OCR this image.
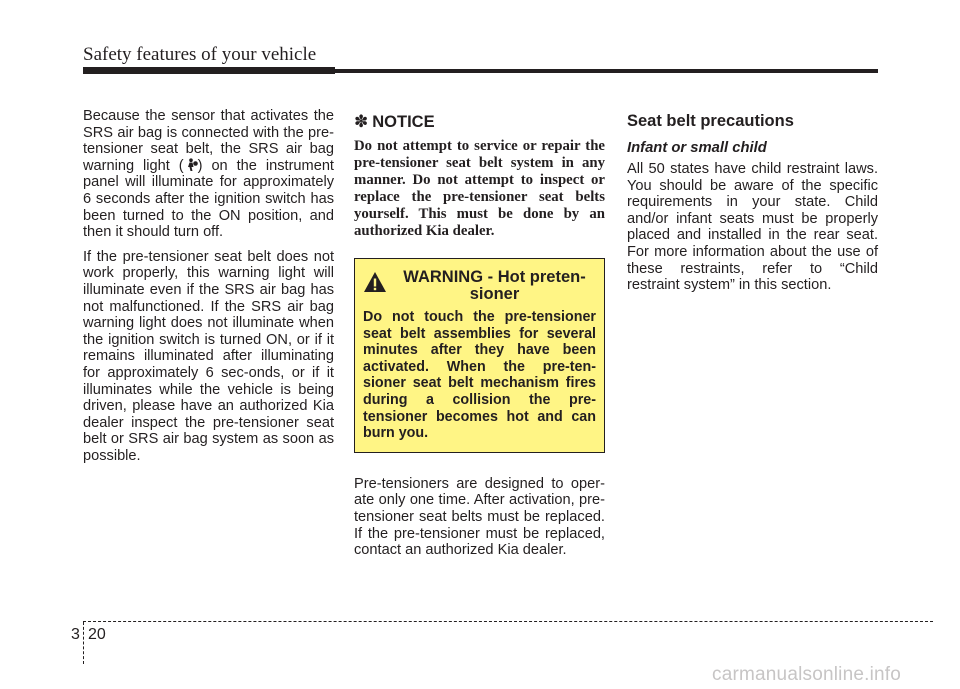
Safety features of your vehicle

Because the sensor that activates the SRS air bag is connected with the pre-tensioner seat belt, the SRS air bag warning light ( ) on the instrument panel will illuminate for approximately 6 seconds after the ignition switch has been turned to the ON position, and then it should turn off.

If the pre-tensioner seat belt does not work properly, this warning light will illuminate even if the SRS air bag has not malfunctioned. If the SRS air bag warning light does not illuminate when the ignition switch is turned ON, or if it remains illuminated after illuminating for approximately 6 sec-onds, or if it illuminates while the vehicle is being driven, please have an authorized Kia dealer inspect the pre-tensioner seat belt or SRS air bag system as soon as possible.

✽ NOTICE

Do not attempt to service or repair the pre-tensioner seat belt system in any manner. Do not attempt to inspect or replace the pre-tensioner seat belts yourself. This must be done by an authorized Kia dealer.

WARNING - Hot preten-sioner

Do not touch the pre-tensioner seat belt assemblies for several minutes after they have been activated. When the pre-ten-sioner seat belt mechanism fires during a collision the pre-tensioner becomes hot and can burn you.

Pre-tensioners are designed to oper-ate only one time. After activation, pre-tensioner seat belts must be replaced. If the pre-tensioner must be replaced, contact an authorized Kia dealer.

Seat belt precautions
Infant or small child

All 50 states have child restraint laws. You should be aware of the specific requirements in your state. Child and/or infant seats must be properly placed and installed in the rear seat. For more information about the use of these restraints, refer to “Child restraint system” in this section.

3 20
carmanualsonline.info
